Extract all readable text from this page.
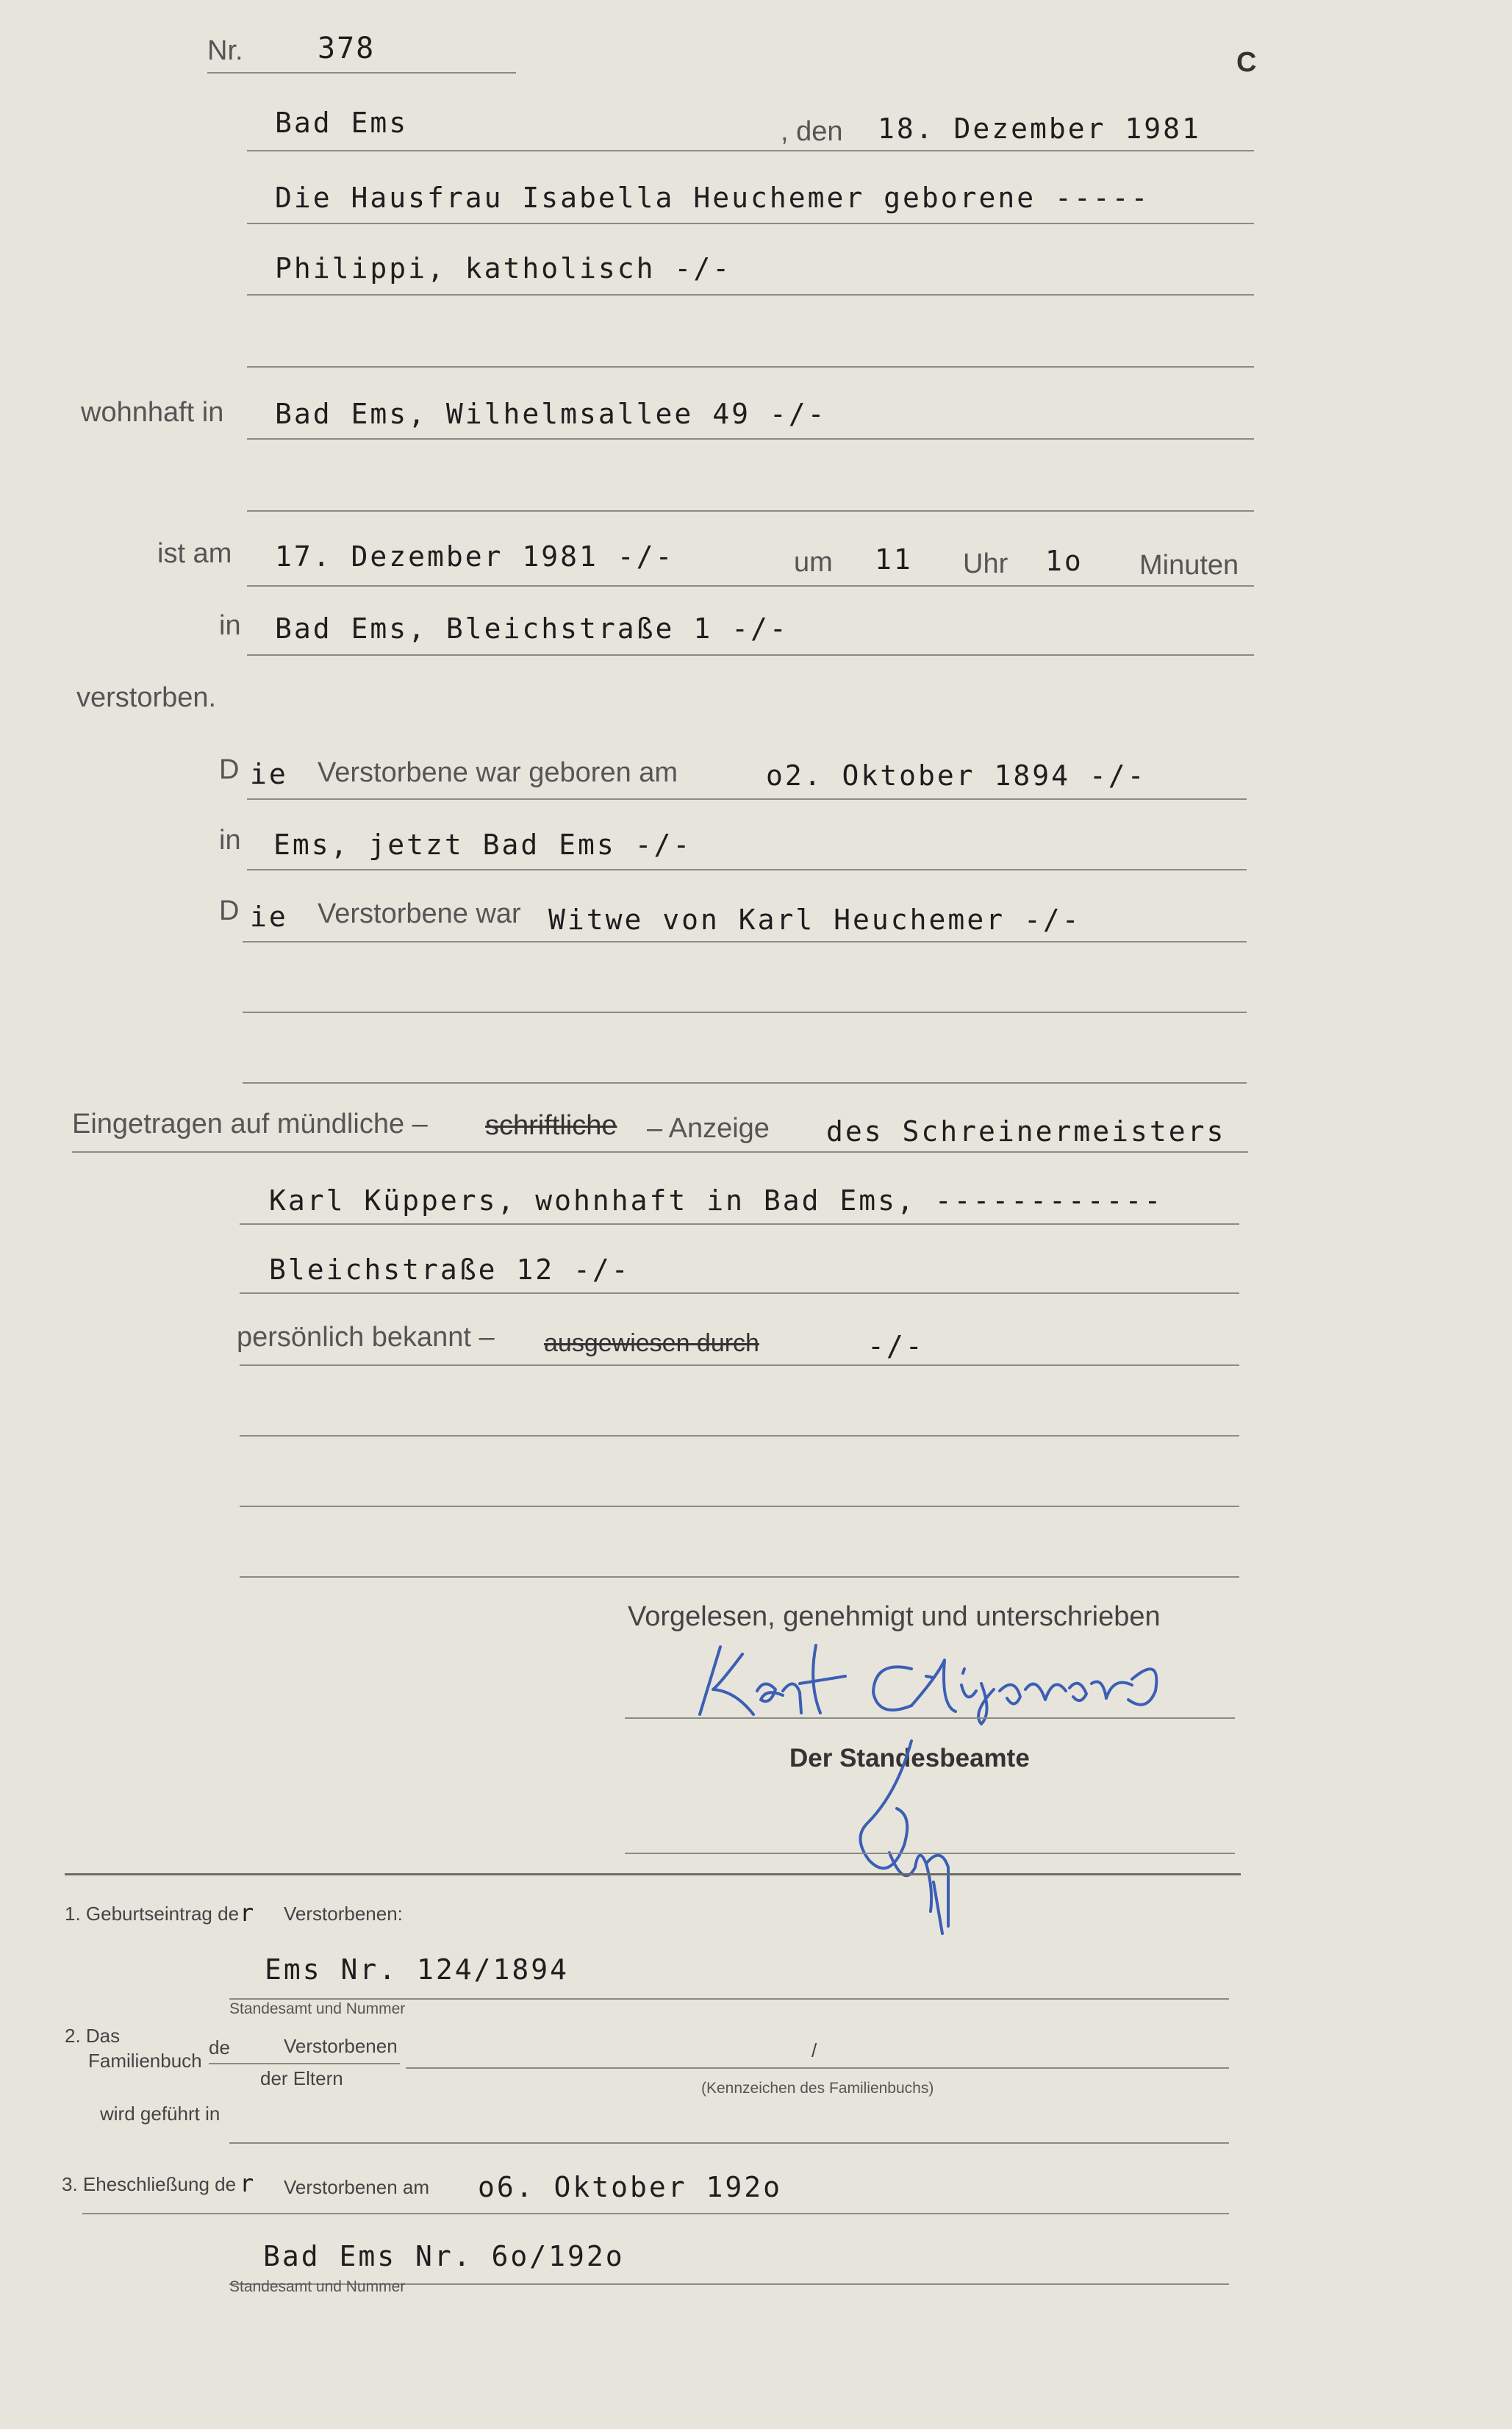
Nr.	378	C
Bad Ems	, den 18. Dezember 1981
Die Hausfrau Isabella Heuchemer geborene -----
Philippi, katholisch -/-
wohnhaft in Bad Ems, Wilhelmsallee 49 -/-
ist am 17. Dezember 1981 -/-	um 11 Uhr 1o Minuten
in Bad Ems, Bleichstraße 1 -/-
verstorben.
D ie Verstorbene war geboren am	o2. Oktober 1894 -/-
in Ems, jetzt Bad Ems -/-
D ie Verstorbene war Witwe von Karl Heuchemer -/-
Eingetragen auf mündliche – schriftliche – Anzeige des Schreinermeisters
Karl Küppers, wohnhaft in Bad Ems, ------------
Bleichstraße 12 -/-
persönlich bekannt – ausgewiesen durch	-/-
Vorgelesen, genehmigt und unterschrieben
Der Standesbeamte
1. Geburtseintrag de r Verstorbenen:
Ems Nr. 124/1894
Standesamt und Nummer
2. Das
Familienbuch
de	Verstorbenen
der Eltern
/
(Kennzeichen des Familienbuchs)
wird geführt in
3. Eheschließung de r Verstorbenen am o6. Oktober 192o
Bad Ems Nr. 6o/192o
Standesamt und Nummer
